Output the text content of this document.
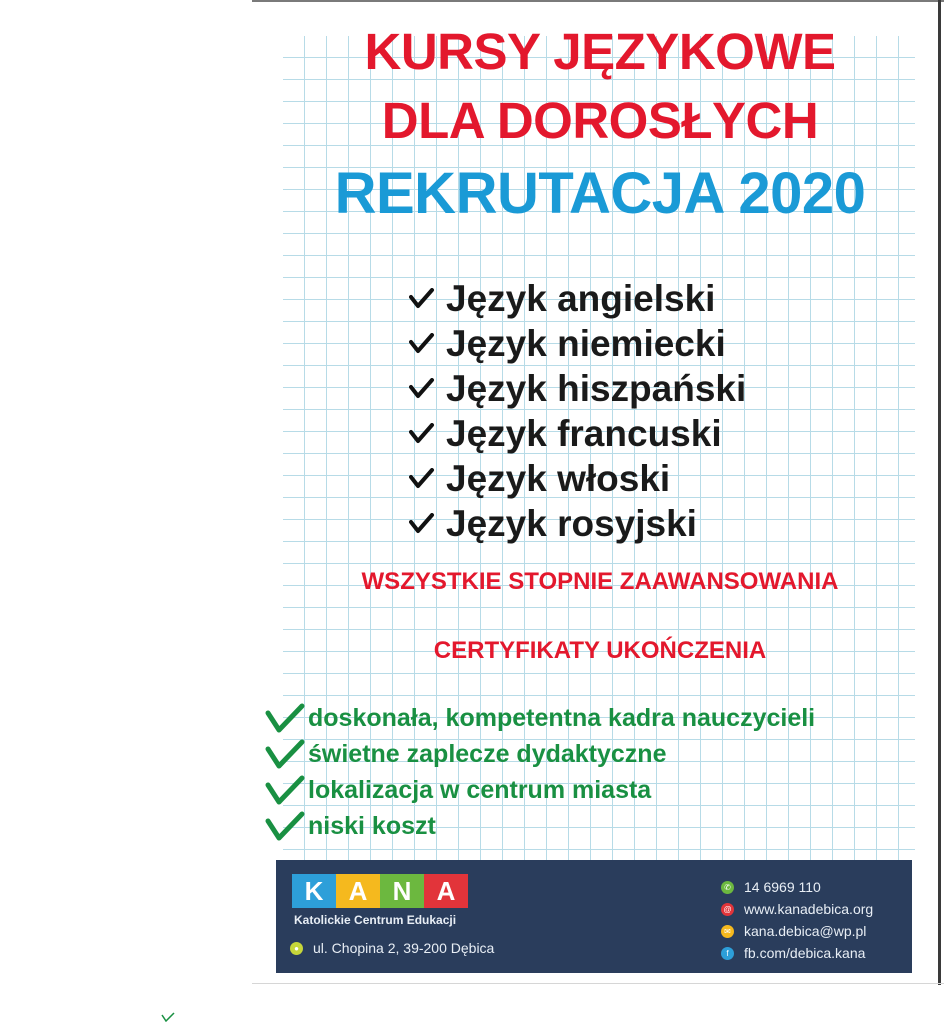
KURSY JĘZYKOWE
DLA DOROSŁYCH
REKRUTACJA 2020
Język angielski
Język niemiecki
Język hiszpański
Język francuski
Język włoski
Język rosyjski

WSZYSTKIE STOPNIE ZAAWANSOWANIA

CERTYFIKATY UKOŃCZENIA

doskonała, kompetentna kadra nauczycieli
świetne zaplecze dydaktyczne
lokalizacja w centrum miasta
niski koszt
K A N A
Katolickie Centrum Edukacji
● ul. Chopina 2, 39-200 Dębica
✆ 14 6969 110
@ www.kanadebica.org
✉ kana.debica@wp.pl
f	fb.com/debica.kana
